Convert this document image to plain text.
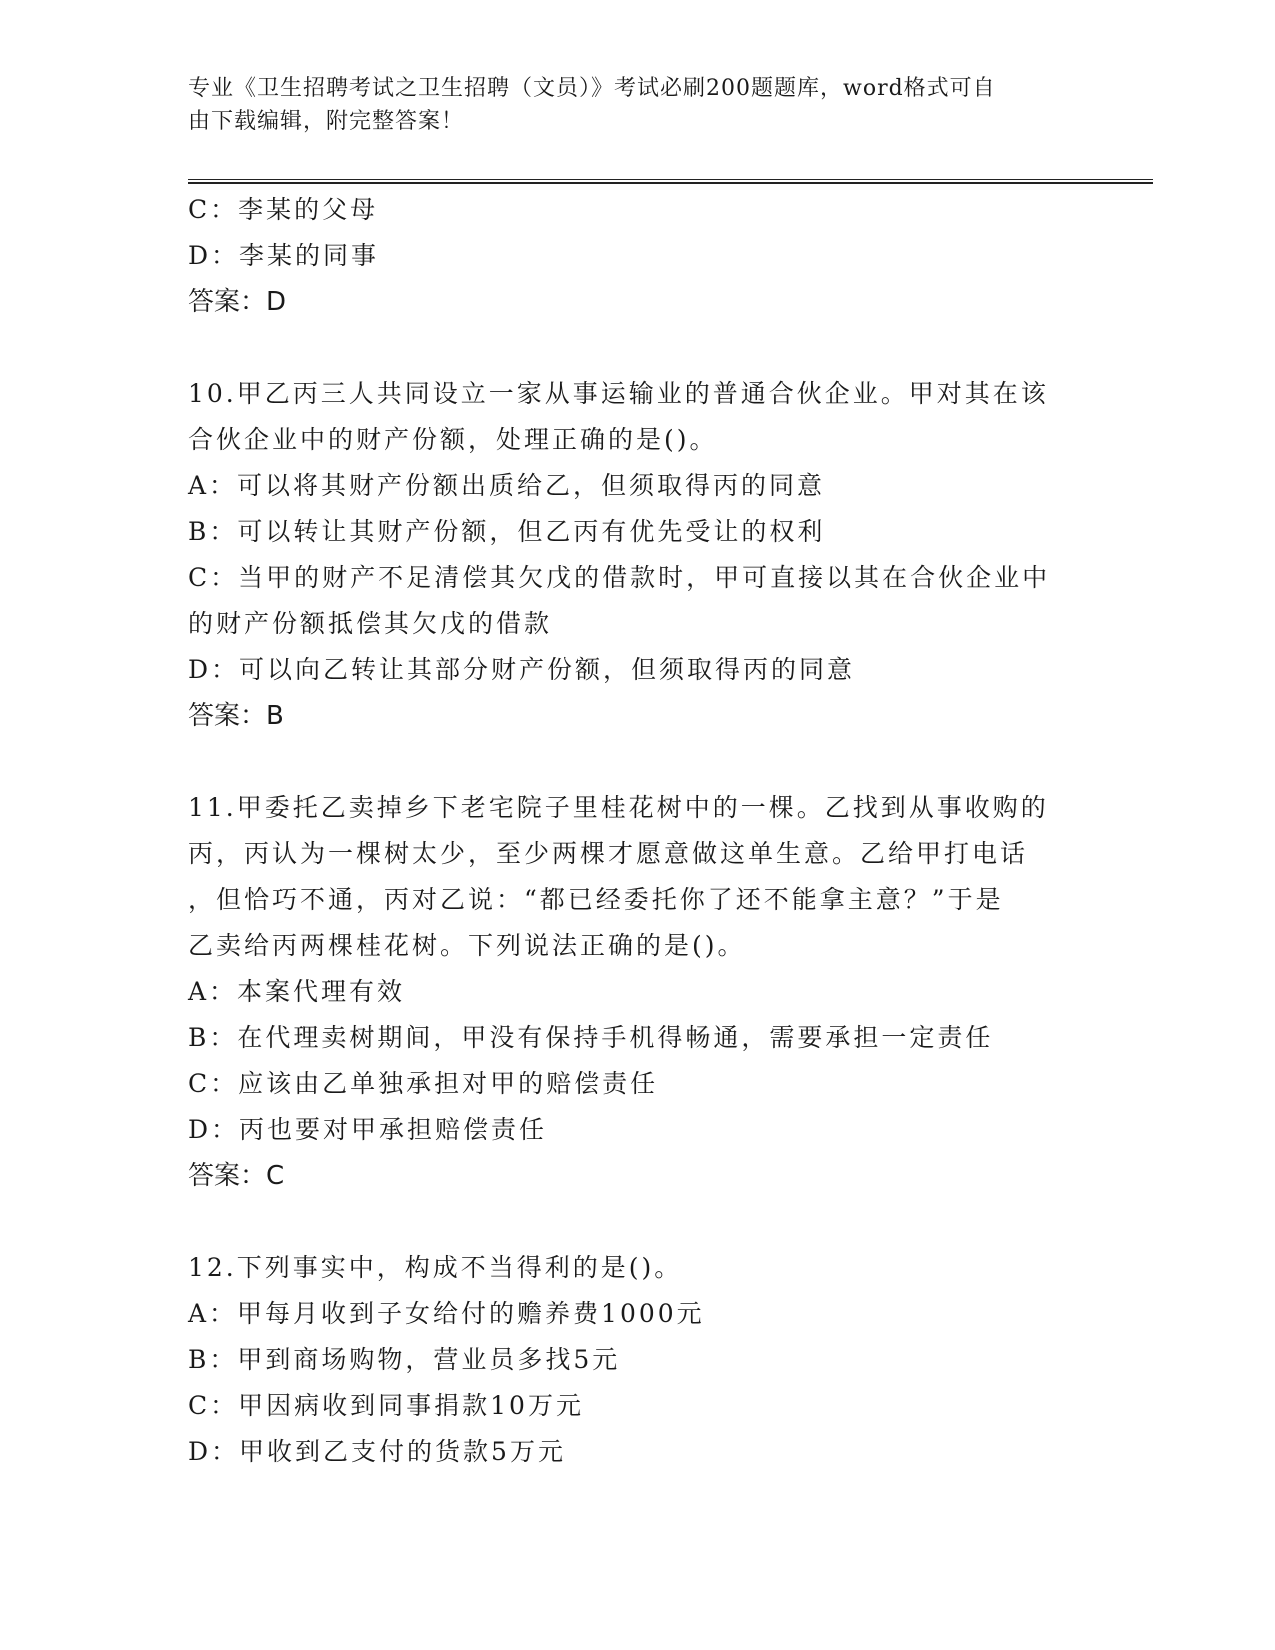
专业《卫生招聘考试之卫生招聘（文员）》考试必刷200题题库，word格式可自
由下载编辑，附完整答案！

C：李某的父母

D：李某的同事

答案：D

10.甲乙丙三人共同设立一家从事运输业的普通合伙企业。甲对其在该

合伙企业中的财产份额，处理正确的是()。

A：可以将其财产份额出质给乙，但须取得丙的同意

B：可以转让其财产份额，但乙丙有优先受让的权利

C：当甲的财产不足清偿其欠戊的借款时，甲可直接以其在合伙企业中

的财产份额抵偿其欠戊的借款

D：可以向乙转让其部分财产份额，但须取得丙的同意

答案：B

11.甲委托乙卖掉乡下老宅院子里桂花树中的一棵。乙找到从事收购的

丙，丙认为一棵树太少，至少两棵才愿意做这单生意。乙给甲打电话

，但恰巧不通，丙对乙说：“都已经委托你了还不能拿主意？”于是

乙卖给丙两棵桂花树。下列说法正确的是()。

A：本案代理有效

B：在代理卖树期间，甲没有保持手机得畅通，需要承担一定责任

C：应该由乙单独承担对甲的赔偿责任

D：丙也要对甲承担赔偿责任

答案：C

12.下列事实中，构成不当得利的是()。

A：甲每月收到子女给付的赡养费1000元

B：甲到商场购物，营业员多找5元

C：甲因病收到同事捐款10万元

D：甲收到乙支付的货款5万元
